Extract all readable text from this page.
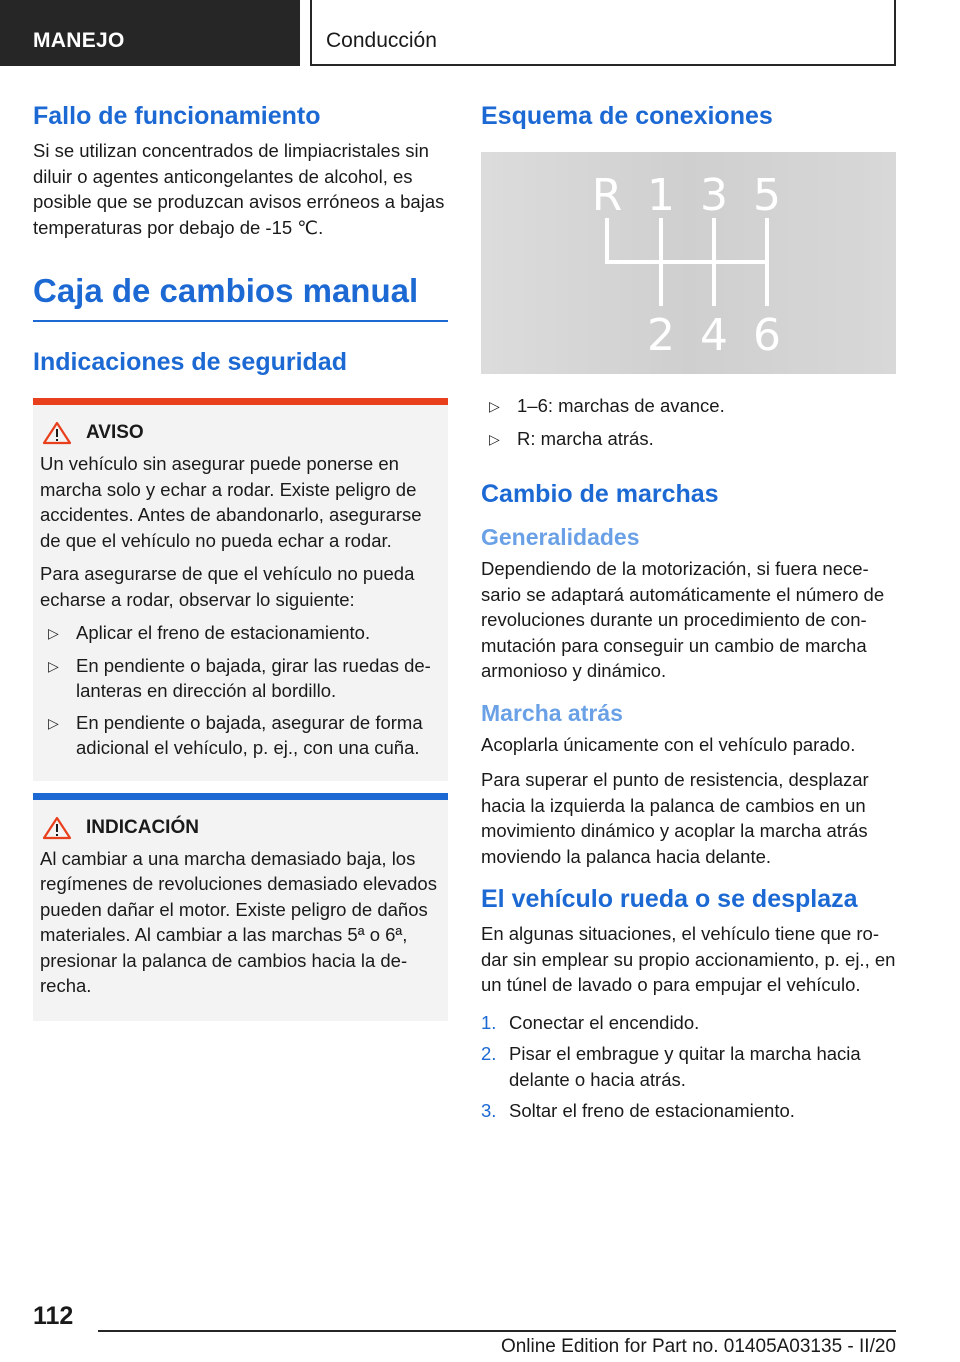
MANEJO	Conducción
Fallo de funcionamiento

Si se utilizan concentrados de limpiacristales sin diluir o agentes anticongelantes de alcohol, es posible que se produzcan avisos erróneos a bajas temperaturas por debajo de -15 ℃.

Caja de cambios manual
Indicaciones de seguridad
AVISO

Un vehículo sin asegurar puede ponerse en marcha solo y echar a rodar. Existe peligro de accidentes. Antes de abandonarlo, asegurarse de que el vehículo no pueda echar a rodar.

Para asegurarse de que el vehículo no pueda echarse a rodar, observar lo siguiente:

▷ Aplicar el freno de estacionamiento.
▷ En pendiente o bajada, girar las ruedas delanteras en dirección al bordillo.
▷ En pendiente o bajada, asegurar de forma adicional el vehículo, p. ej., con una cuña.
INDICACIÓN

Al cambiar a una marcha demasiado baja, los regímenes de revoluciones demasiado elevados pueden dañar el motor. Existe peligro de daños materiales. Al cambiar a las marchas 5ª o 6ª, presionar la palanca de cambios hacia la derecha.

Esquema de conexiones
R 1 3 5
2 4 6
▷ 1–6: marchas de avance.
▷ R: marcha atrás.
Cambio de marchas
Generalidades

Dependiendo de la motorización, si fuera necesario se adaptará automáticamente el número de revoluciones durante un procedimiento de conmutación para conseguir un cambio de marcha armonioso y dinámico.

Marcha atrás

Acoplarla únicamente con el vehículo parado.

Para superar el punto de resistencia, desplazar hacia la izquierda la palanca de cambios en un movimiento dinámico y acoplar la marcha atrás moviendo la palanca hacia delante.

El vehículo rueda o se desplaza

En algunas situaciones, el vehículo tiene que rodar sin emplear su propio accionamiento, p. ej., en un túnel de lavado o para empujar el vehículo.

1. Conectar el encendido.
2. Pisar el embrague y quitar la marcha hacia delante o hacia atrás.
3. Soltar el freno de estacionamiento.
112
Online Edition for Part no. 01405A03135 - II/20
